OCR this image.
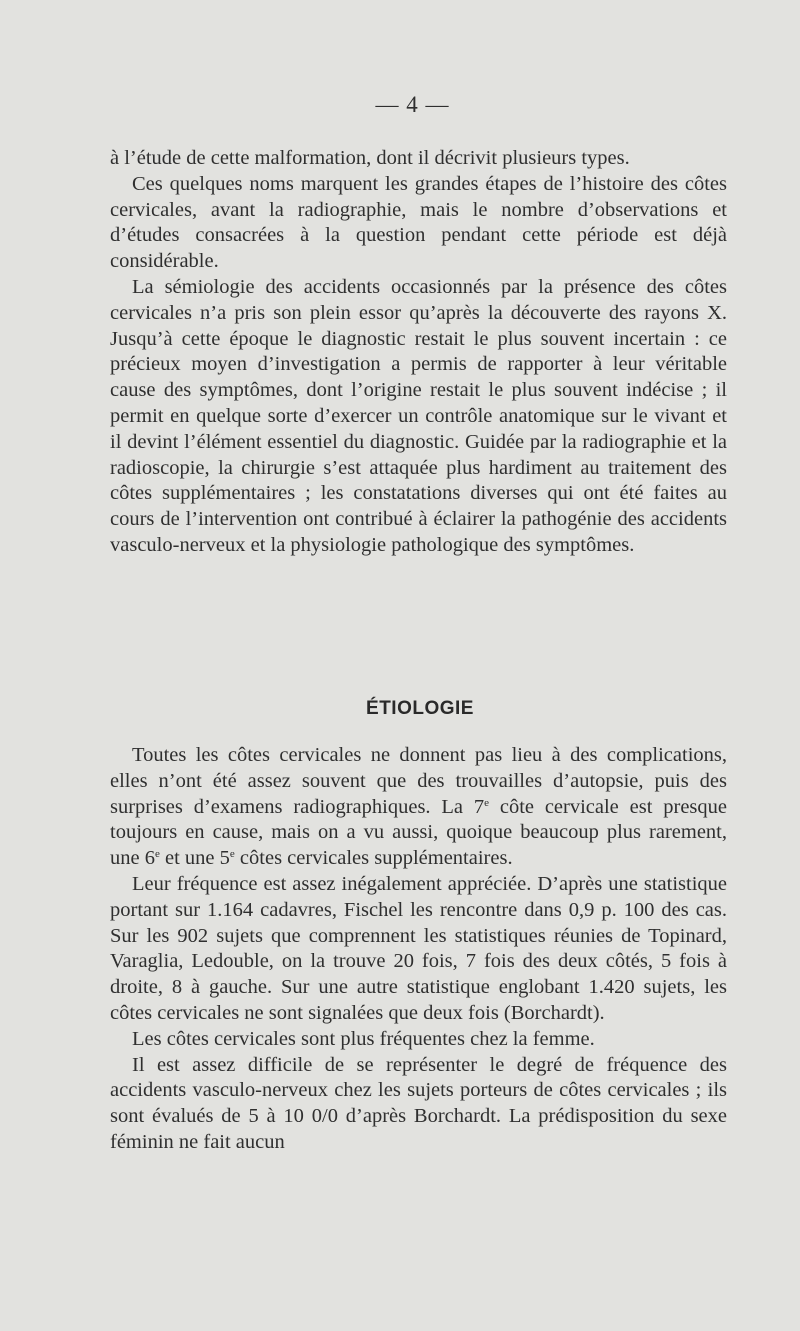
— 4 —

à l’étude de cette malformation, dont il décrivit plusieurs types.

Ces quelques noms marquent les grandes étapes de l’histoire des côtes cervicales, avant la radiographie, mais le nombre d’observations et d’études consacrées à la question pendant cette période est déjà considérable.

La sémiologie des accidents occasionnés par la présence des côtes cervicales n’a pris son plein essor qu’après la découverte des rayons X. Jusqu’à cette époque le diagnostic restait le plus souvent incertain : ce précieux moyen d’investigation a permis de rapporter à leur véritable cause des symptômes, dont l’origine restait le plus souvent indécise ; il permit en quelque sorte d’exercer un contrôle anatomique sur le vivant et il devint l’élément essentiel du diagnostic. Guidée par la radiographie et la radioscopie, la chirurgie s’est attaquée plus hardiment au traitement des côtes supplémentaires ; les constatations diverses qui ont été faites au cours de l’intervention ont contribué à éclairer la pathogénie des accidents vasculo-nerveux et la physiologie pathologique des symptômes.

ÉTIOLOGIE

Toutes les côtes cervicales ne donnent pas lieu à des complications, elles n’ont été assez souvent que des trouvailles d’autopsie, puis des surprises d’examens radiographiques. La 7e côte cervicale est presque toujours en cause, mais on a vu aussi, quoique beaucoup plus rarement, une 6e et une 5e côtes cervicales supplémentaires.

Leur fréquence est assez inégalement appréciée. D’après une statistique portant sur 1.164 cadavres, Fischel les rencontre dans 0,9 p. 100 des cas. Sur les 902 sujets que comprennent les statistiques réunies de Topinard, Varaglia, Ledouble, on la trouve 20 fois, 7 fois des deux côtés, 5 fois à droite, 8 à gauche. Sur une autre statistique englobant 1.420 sujets, les côtes cervicales ne sont signalées que deux fois (Borchardt).

Les côtes cervicales sont plus fréquentes chez la femme.

Il est assez difficile de se représenter le degré de fréquence des accidents vasculo-nerveux chez les sujets porteurs de côtes cervicales ; ils sont évalués de 5 à 10 0/0 d’après Borchardt. La prédisposition du sexe féminin ne fait aucun
